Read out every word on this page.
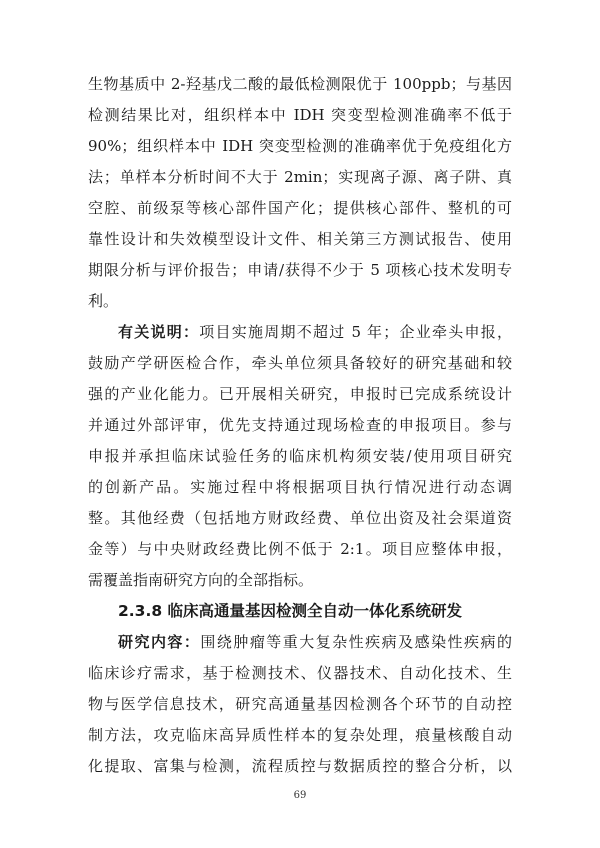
生物基质中 2-羟基戊二酸的最低检测限优于 100ppb；与基因
检测结果比对，组织样本中 IDH 突变型检测准确率不低于
90%；组织样本中 IDH 突变型检测的准确率优于免疫组化方
法；单样本分析时间不大于 2min；实现离子源、离子阱、真
空腔、前级泵等核心部件国产化；提供核心部件、整机的可
靠性设计和失效模型设计文件、相关第三方测试报告、使用
期限分析与评价报告；申请/获得不少于 5 项核心技术发明专
利。
有关说明：项目实施周期不超过 5 年；企业牵头申报，
鼓励产学研医检合作，牵头单位须具备较好的研究基础和较
强的产业化能力。已开展相关研究，申报时已完成系统设计
并通过外部评审，优先支持通过现场检查的申报项目。参与
申报并承担临床试验任务的临床机构须安装/使用项目研究
的创新产品。实施过程中将根据项目执行情况进行动态调
整。其他经费（包括地方财政经费、单位出资及社会渠道资
金等）与中央财政经费比例不低于 2:1。项目应整体申报，
需覆盖指南研究方向的全部指标。
2.3.8 临床高通量基因检测全自动一体化系统研发
研究内容：围绕肿瘤等重大复杂性疾病及感染性疾病的
临床诊疗需求，基于检测技术、仪器技术、自动化技术、生
物与医学信息技术，研究高通量基因检测各个环节的自动控
制方法，攻克临床高异质性样本的复杂处理，痕量核酸自动
化提取、富集与检测，流程质控与数据质控的整合分析，以
69
